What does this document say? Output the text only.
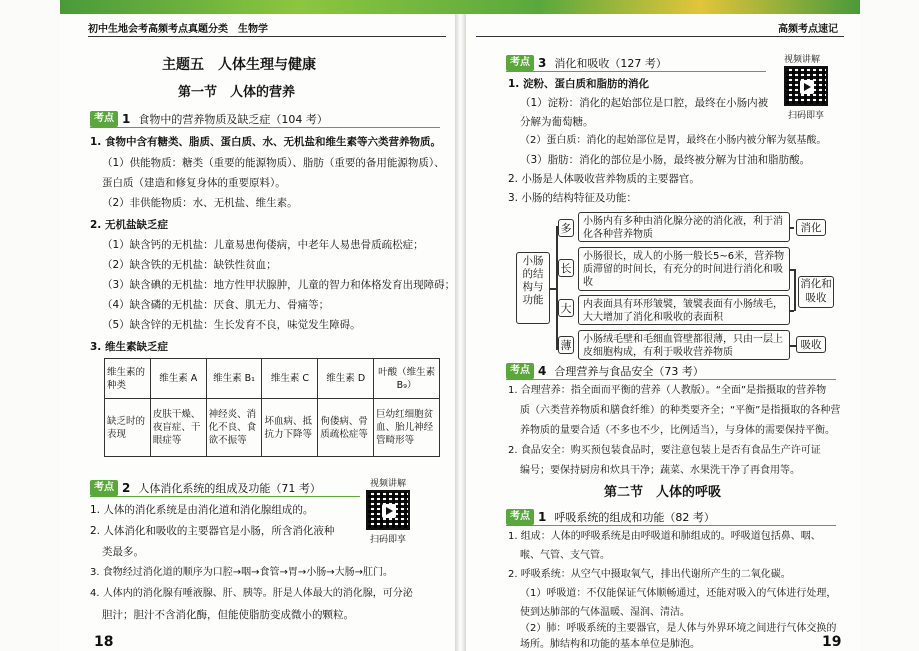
初中生地会考高频考点真题分类　生物学
主题五　人体生理与健康
第一节　人体的营养
考点 1 食物中的营养物质及缺乏症（104 考）
1. 食物中含有糖类、脂质、蛋白质、水、无机盐和维生素等六类营养物质。
（1）供能物质：糖类（重要的能源物质）、脂肪（重要的备用能源物质）、
蛋白质（建造和修复身体的重要原料）。
（2）非供能物质：水、无机盐、维生素。
2. 无机盐缺乏症
（1）缺含钙的无机盐：儿童易患佝偻病，中老年人易患骨质疏松症；
（2）缺含铁的无机盐：缺铁性贫血；
（3）缺含碘的无机盐：地方性甲状腺肿，儿童的智力和体格发育出现障碍；
（4）缺含磷的无机盐：厌食、肌无力、骨痛等；
（5）缺含锌的无机盐：生长发育不良，味觉发生障碍。
3. 维生素缺乏症
维生素的种类	维生素 A	维生素 B₁	维生素 C	维生素 D	叶酸（维生素 B₉）
缺乏时的表现	皮肤干燥、夜盲症、干眼症等	神经炎、消化不良、食欲不振等	坏血病、抵抗力下降等	佝偻病、骨质疏松症等	巨幼红细胞贫血、胎儿神经管畸形等
考点 2 人体消化系统的组成及功能（71 考）	视频讲解
扫码即享
1. 人体的消化系统是由消化道和消化腺组成的。
2. 人体消化和吸收的主要器官是小肠，所含消化液种
类最多。
3. 食物经过消化道的顺序为口腔→咽→食管→胃→小肠→大肠→肛门。
4. 人体内的消化腺有唾液腺、肝、胰等。肝是人体最大的消化腺，可分泌
胆汁；胆汁不含消化酶，但能使脂肪变成微小的颗粒。
18
高频考点速记
考点 3 消化和吸收（127 考）	视频讲解
扫码即享
1. 淀粉、蛋白质和脂肪的消化
（1）淀粉：消化的起始部位是口腔，最终在小肠内被
分解为葡萄糖。
（2）蛋白质：消化的起始部位是胃，最终在小肠内被分解为氨基酸。
（3）脂肪：消化的部位是小肠，最终被分解为甘油和脂肪酸。
2. 小肠是人体吸收营养物质的主要器官。
3. 小肠的结构特征及功能：
小肠的结构与功能
多
长
大
薄
小肠内有多种由消化腺分泌的消化液，利于消化各种营养物质
小肠很长，成人的小肠一般长5~6米，营养物质滞留的时间长，有充分的时间进行消化和吸收
内表面具有环形皱襞，皱襞表面有小肠绒毛，大大增加了消化和吸收的表面积
小肠绒毛壁和毛细血管壁都很薄，只由一层上皮细胞构成，有利于吸收营养物质
消化
消化和吸收
吸收
考点 4 合理营养与食品安全（73 考）
1. 合理营养：指全面而平衡的营养（人教版）。“全面”是指摄取的营养物
质（六类营养物质和膳食纤维）的种类要齐全；“平衡”是指摄取的各种营
养物质的量要合适（不多也不少，比例适当），与身体的需要保持平衡。
2. 食品安全：购买预包装食品时，要注意包装上是否有食品生产许可证
编号；要保持厨房和炊具干净；蔬菜、水果洗干净了再食用等。
第二节　人体的呼吸
考点 1 呼吸系统的组成和功能（82 考）
1. 组成：人体的呼吸系统是由呼吸道和肺组成的。呼吸道包括鼻、咽、
喉、气管、支气管。
2. 呼吸系统：从空气中摄取氧气，排出代谢所产生的二氧化碳。
（1）呼吸道：不仅能保证气体顺畅通过，还能对吸入的气体进行处理，
使到达肺部的气体温暖、湿润、清洁。
（2）肺：呼吸系统的主要器官，是人体与外界环境之间进行气体交换的
场所。肺结构和功能的基本单位是肺泡。	19
